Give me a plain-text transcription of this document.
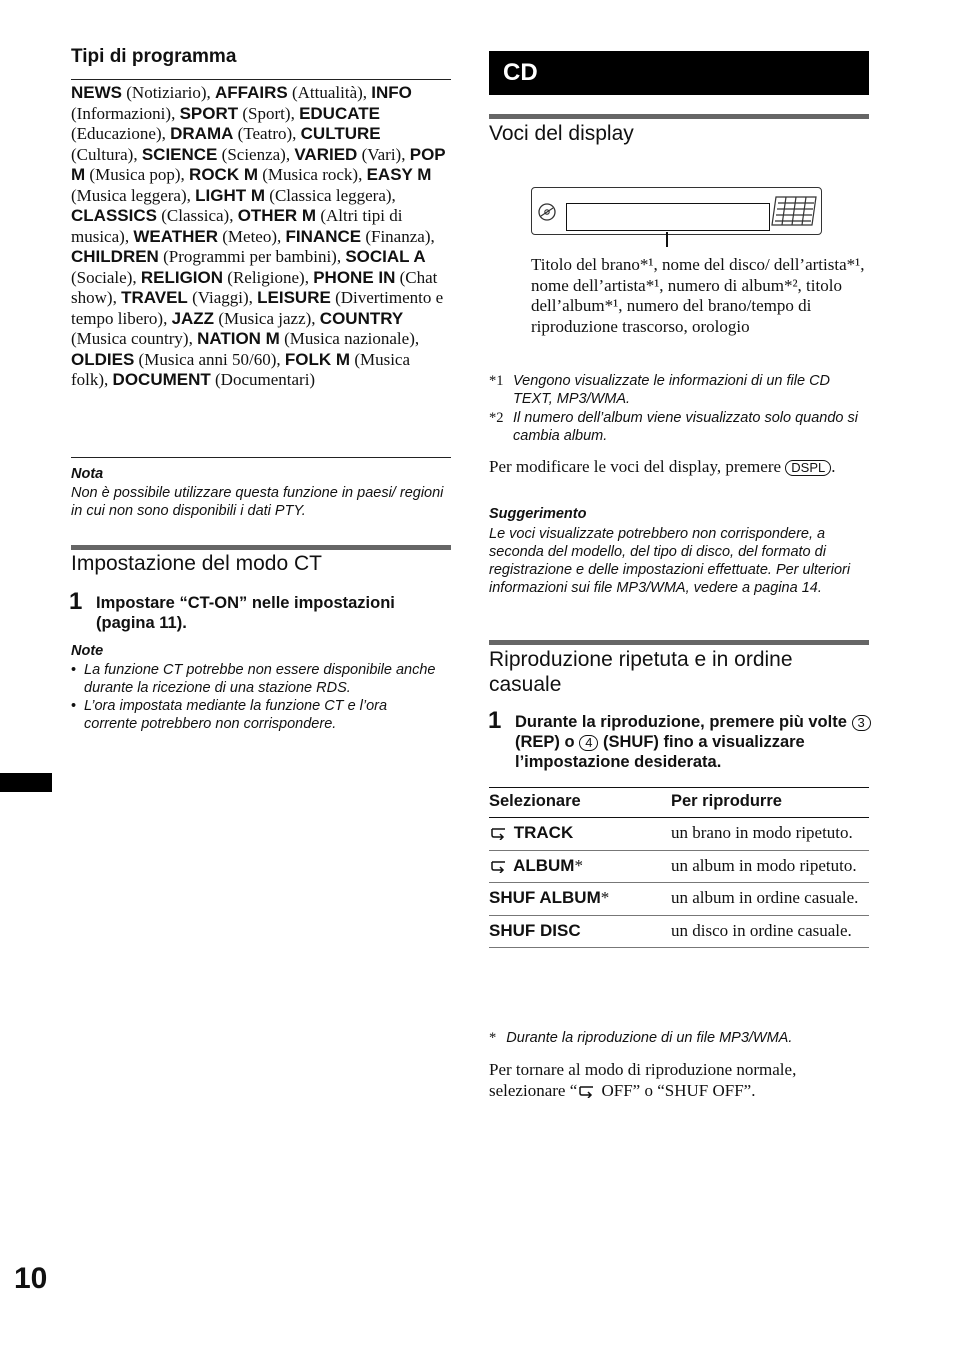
Tipi di programma
NEWS (Notiziario), AFFAIRS (Attualità), INFO (Informazioni), SPORT (Sport), EDUCATE (Educazione), DRAMA (Teatro), CULTURE (Cultura), SCIENCE (Scienza), VARIED (Vari), POP M (Musica pop), ROCK M (Musica rock), EASY M (Musica leggera), LIGHT M (Classica leggera), CLASSICS (Classica), OTHER M (Altri tipi di musica), WEATHER (Meteo), FINANCE (Finanza), CHILDREN (Programmi per bambini), SOCIAL A (Sociale), RELIGION (Religione), PHONE IN (Chat show), TRAVEL (Viaggi), LEISURE (Divertimento e tempo libero), JAZZ (Musica jazz), COUNTRY (Musica country), NATION M (Musica nazionale), OLDIES (Musica anni 50/60), FOLK M (Musica folk), DOCUMENT (Documentari)
Nota
Non è possibile utilizzare questa funzione in paesi/ regioni in cui non sono disponibili i dati PTY.
Impostazione del modo CT
1 Impostare “CT-ON” nelle impostazioni (pagina 11).
Note
• La funzione CT potrebbe non essere disponibile anche durante la ricezione di una stazione RDS.
• L’ora impostata mediante la funzione CT e l’ora corrente potrebbero non corrispondere.
CD
Voci del display
Titolo del brano*¹, nome del disco/ dell’artista*¹, nome dell’artista*¹, numero di album*², titolo dell’album*¹, numero del brano/tempo di riproduzione trascorso, orologio
*1 Vengono visualizzate le informazioni di un file CD TEXT, MP3/WMA.
*2 Il numero dell’album viene visualizzato solo quando si cambia album.
Per modificare le voci del display, premere DSPL .
Suggerimento
Le voci visualizzate potrebbero non corrispondere, a seconda del modello, del tipo di disco, del formato di registrazione e delle impostazioni effettuate. Per ulteriori informazioni sui file MP3/WMA, vedere a pagina 14.
Riproduzione ripetuta e in ordine casuale
1 Durante la riproduzione, premere più volte 3 (REP) o 4 (SHUF) fino a visualizzare l’impostazione desiderata.
Selezionare	Per riprodurre
TRACK	un brano in modo ripetuto.
ALBUM*	un album in modo ripetuto.
SHUF ALBUM*	un album in ordine casuale.
SHUF DISC	un disco in ordine casuale.
* Durante la riproduzione di un file MP3/WMA.
Per tornare al modo di riproduzione normale, selezionare “ OFF” o “SHUF OFF”.
10
